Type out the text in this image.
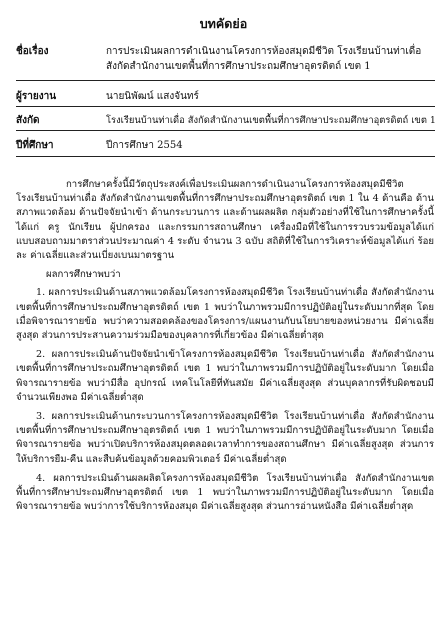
บทคัดย่อ
ชื่อเรื่อง	การประเมินผลการดำเนินงานโครงการห้องสมุดมีชีวิต โรงเรียนบ้านท่าเดื่อ
สังกัดสำนักงานเขตพื้นที่การศึกษาประถมศึกษาอุตรดิตถ์ เขต 1
ผู้รายงาน	นายนิพัฒน์ แสงจันทร์
สังกัด	โรงเรียนบ้านท่าเดื่อ สังกัดสำนักงานเขตพื้นที่การศึกษาประถมศึกษาอุตรดิตถ์ เขต 1
ปีที่ศึกษา	ปีการศึกษา 2554

การศึกษาครั้งนี้มีวัตถุประสงค์เพื่อประเมินผลการดำเนินงานโครงการห้องสมุดมีชีวิต โรงเรียนบ้านท่าเดื่อ สังกัดสำนักงานเขตพื้นที่การศึกษาประถมศึกษาอุตรดิตถ์ เขต 1 ใน 4 ด้านคือ ด้านสภาพแวดล้อม ด้านปัจจัยนำเข้า ด้านกระบวนการ และด้านผลผลิต กลุ่มตัวอย่างที่ใช้ในการศึกษาครั้งนี้ได้แก่ ครู นักเรียน ผู้ปกครอง และกรรมการสถานศึกษา เครื่องมือที่ใช้ในการรวบรวมข้อมูลได้แก่ แบบสอบถามมาตราส่วนประมาณค่า 4 ระดับ จำนวน 3 ฉบับ สถิติที่ใช้ในการวิเคราะห์ข้อมูลได้แก่ ร้อยละ ค่าเฉลี่ยและส่วนเบี่ยงเบนมาตรฐาน

ผลการศึกษาพบว่า

1. ผลการประเมินด้านสภาพแวดล้อมโครงการห้องสมุดมีชีวิต โรงเรียนบ้านท่าเดื่อ สังกัดสำนักงานเขตพื้นที่การศึกษาประถมศึกษาอุตรดิตถ์ เขต 1 พบว่าในภาพรวมมีการปฏิบัติอยู่ในระดับมากที่สุด โดยเมื่อพิจารณารายข้อ พบว่าความสอดคล้องของโครงการ/แผนงานกับนโยบายของหน่วยงาน มีค่าเฉลี่ยสูงสุด ส่วนการประสานความร่วมมือของบุคลากรที่เกี่ยวข้อง มีค่าเฉลี่ยต่ำสุด

2. ผลการประเมินด้านปัจจัยนำเข้าโครงการห้องสมุดมีชีวิต โรงเรียนบ้านท่าเดื่อ สังกัดสำนักงานเขตพื้นที่การศึกษาประถมศึกษาอุตรดิตถ์ เขต 1 พบว่าในภาพรวมมีการปฏิบัติอยู่ในระดับมาก โดยเมื่อพิจารณารายข้อ พบว่ามีสื่อ อุปกรณ์ เทคโนโลยีที่ทันสมัย มีค่าเฉลี่ยสูงสุด ส่วนบุคลากรที่รับผิดชอบมีจำนวนเพียงพอ มีค่าเฉลี่ยต่ำสุด

3. ผลการประเมินด้านกระบวนการโครงการห้องสมุดมีชีวิต โรงเรียนบ้านท่าเดื่อ สังกัดสำนักงานเขตพื้นที่การศึกษาประถมศึกษาอุตรดิตถ์ เขต 1 พบว่าในภาพรวมมีการปฏิบัติอยู่ในระดับมาก โดยเมื่อพิจารณารายข้อ พบว่าเปิดบริการห้องสมุดตลอดเวลาทำการของสถานศึกษา มีค่าเฉลี่ยสูงสุด ส่วนการให้บริการยืม-คืน และสืบค้นข้อมูลด้วยคอมพิวเตอร์ มีค่าเฉลี่ยต่ำสุด

4. ผลการประเมินด้านผลผลิตโครงการห้องสมุดมีชีวิต โรงเรียนบ้านท่าเดื่อ สังกัดสำนักงานเขตพื้นที่การศึกษาประถมศึกษาอุตรดิตถ์ เขต 1 พบว่าในภาพรวมมีการปฏิบัติอยู่ในระดับมาก โดยเมื่อพิจารณารายข้อ พบว่าการใช้บริการห้องสมุด มีค่าเฉลี่ยสูงสุด ส่วนการอ่านหนังสือ มีค่าเฉลี่ยต่ำสุด
